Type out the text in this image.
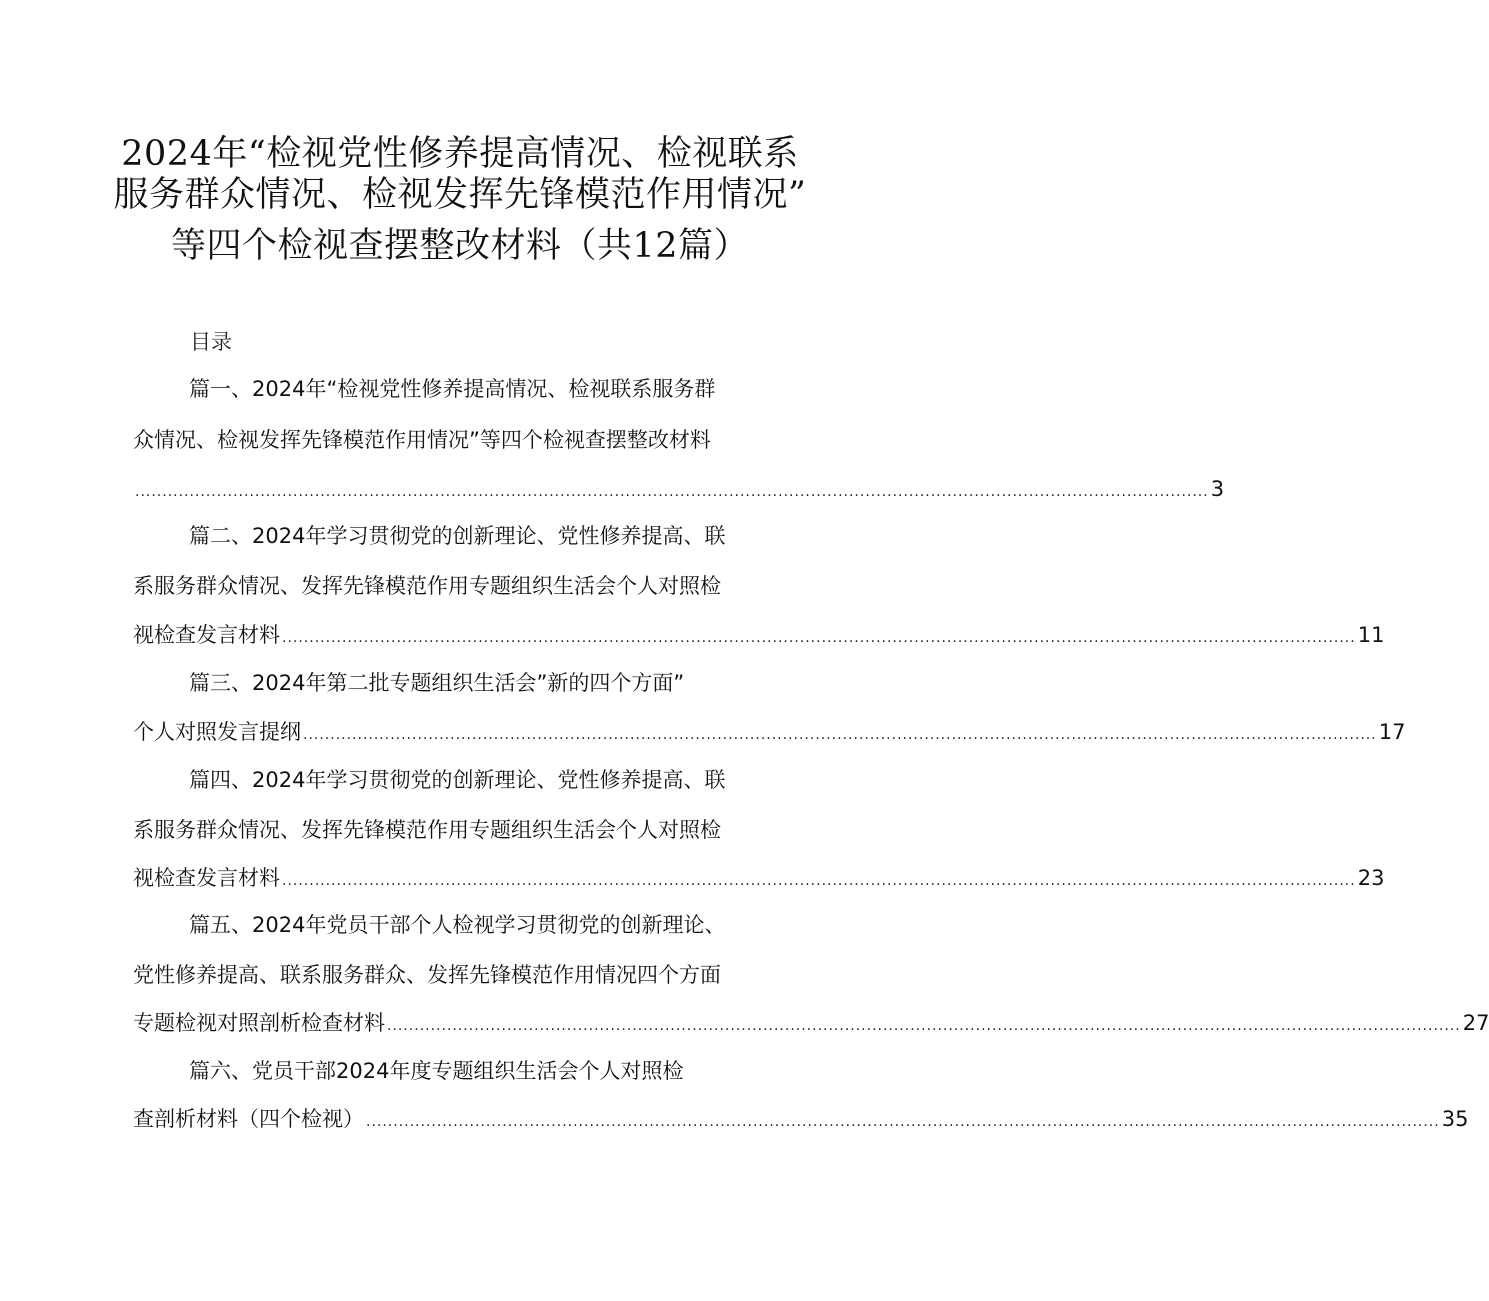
2024年“检视党性修养提高情况、检视联系
服务群众情况、检视发挥先锋模范作用情况”
等四个检视查摆整改材料（共12篇）
目录
篇一、2024年“检视党性修养提高情况、检视联系服务群
众情况、检视发挥先锋模范作用情况”等四个检视查摆整改材料
..................................................................................................................................................................................................... 3
篇二、2024年学习贯彻党的创新理论、党性修养提高、联
系服务群众情况、发挥先锋模范作用专题组织生活会个人对照检
视检查发言材料 ..................................................................................................................................................................................................... 11
篇三、2024年第二批专题组织生活会”新的四个方面”
个人对照发言提纲 ..................................................................................................................................................................................................... 17
篇四、2024年学习贯彻党的创新理论、党性修养提高、联
系服务群众情况、发挥先锋模范作用专题组织生活会个人对照检
视检查发言材料 ..................................................................................................................................................................................................... 23
篇五、2024年党员干部个人检视学习贯彻党的创新理论、
党性修养提高、联系服务群众、发挥先锋模范作用情况四个方面
专题检视对照剖析检查材料 ..................................................................................................................................................................................................... 27
篇六、党员干部2024年度专题组织生活会个人对照检
查剖析材料（四个检视） ..................................................................................................................................................................................................... 35
